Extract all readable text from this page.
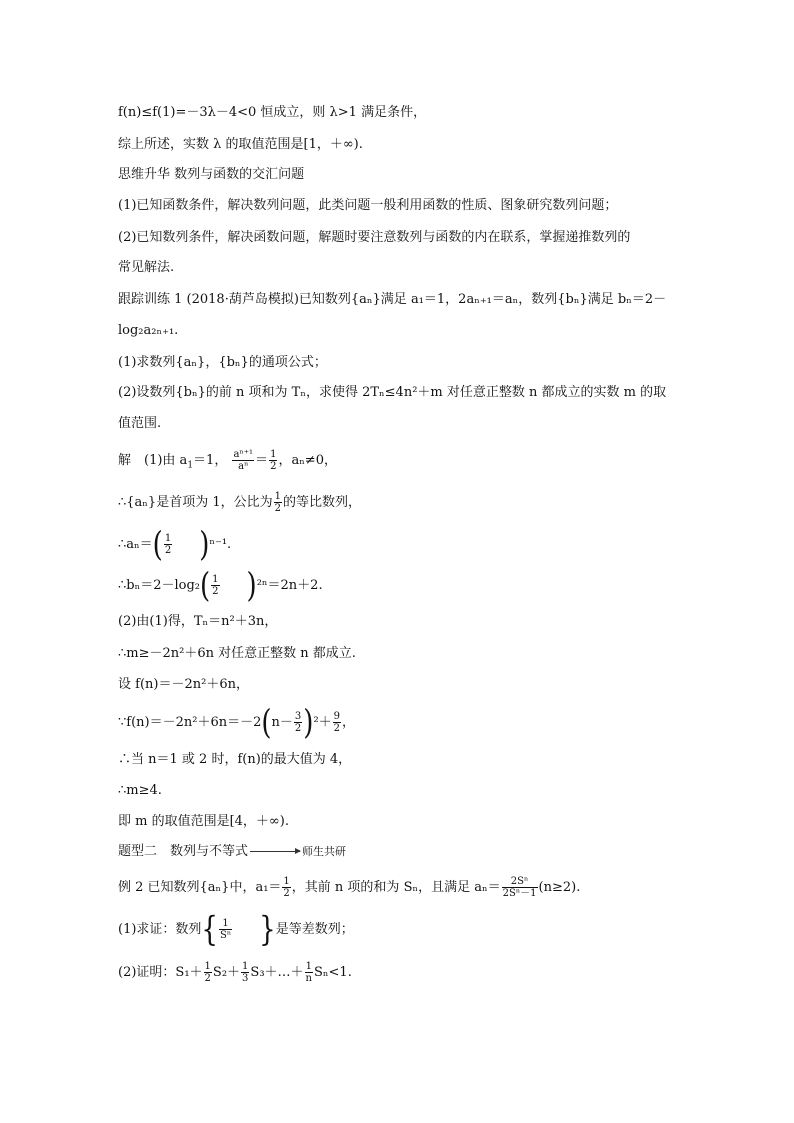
f(n)≤f(1)=－3λ－4<0 恒成立，则 λ>1 满足条件，
综上所述，实数 λ 的取值范围是[1，＋∞).
思维升华 数列与函数的交汇问题
(1)已知函数条件，解决数列问题，此类问题一般利用函数的性质、图象研究数列问题；
(2)已知数列条件，解决函数问题，解题时要注意数列与函数的内在联系，掌握递推数列的
常见解法.
跟踪训练 1 (2018·葫芦岛模拟)已知数列{aₙ}满足 a₁＝1，2aₙ₊₁＝aₙ，数列{bₙ}满足 bₙ＝2－
log₂a₂ₙ₊₁.
(1)求数列{aₙ}，{bₙ}的通项公式；
(2)设数列{bₙ}的前 n 项和为 Tₙ，求使得 2Tₙ≤4n²＋m 对任意正整数 n 都成立的实数 m 的取
值范围.
解　(1)由 $a_1=1$， $\frac{\text{aⁿ⁺¹}}{\text{aⁿ}} = \frac{1}{2}$ ，aₙ≠0，
∴{aₙ}是首项为 1，公比为 $\frac{1}{2}$ 的等比数列，
∴aₙ＝( $\frac{1}{2} )^{n-1}$.
∴bₙ＝2－log₂( $\frac{1}{2} )^{2n}=2n+2$.
(2)由(1)得，Tₙ＝n²＋3n，
∴m≥－2n²＋6n 对任意正整数 n 都成立.
设 f(n)＝－2n²＋6n，
∵f(n)＝－2n²＋6n＝－2(n－ $\frac{3}{2} )^2+ \frac{9}{2}$ ，
∴当 n＝1 或 2 时，f(n)的最大值为 4，
∴m≥4.
即 m 的取值范围是[4，＋∞).
题型二　数列与不等式	师生共研
例 2 已知数列{aₙ}中，$a_1= \frac{1}{2}$ ，其前 n 项的和为 Sₙ，且满足 $a_n= \frac{\text{2Sⁿ}}{\text{2Sⁿ－1}} (n\ge 2)$.
(1)求证：数列{ $\frac{1}{\text{Sⁿ}}$ }是等差数列；
(2)证明：$S_1+ \frac{1}{2} S_2+ \frac{1}{3}$ S₃＋…＋ $\frac{1}{n} S_n<1$.
